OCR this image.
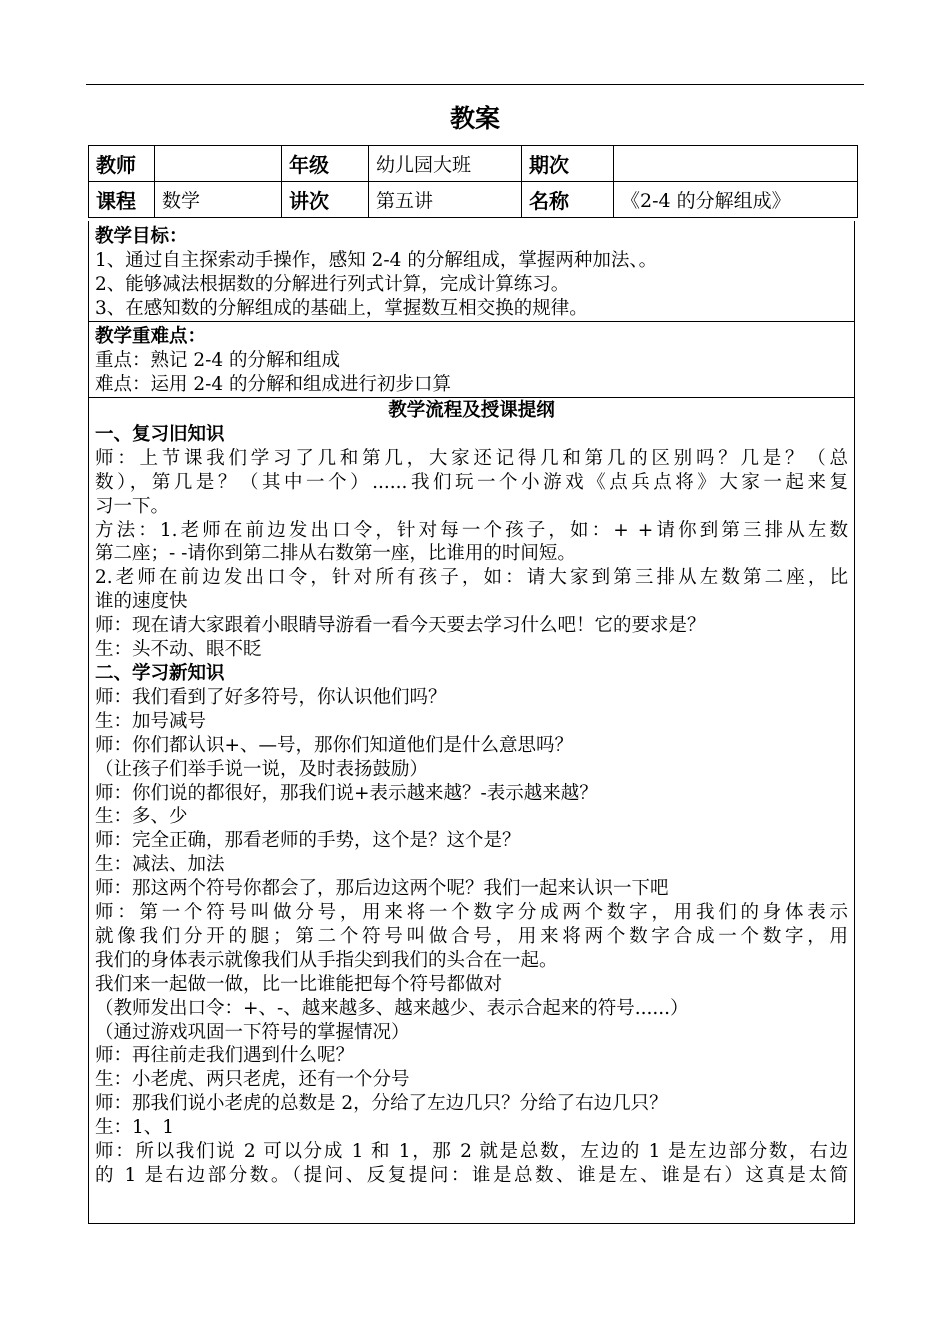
教案
教师		年级	幼儿园大班	期次	
课程	数学	讲次	第五讲	名称	《2-4 的分解组成》
教学目标：
1、通过自主探索动手操作，感知 2-4 的分解组成，掌握两种加法、。
2、能够减法根据数的分解进行列式计算，完成计算练习。
3、在感知数的分解组成的基础上，掌握数互相交换的规律。
教学重难点：
重点：熟记 2-4 的分解和组成
难点：运用 2-4 的分解和组成进行初步口算
教学流程及授课提纲
一、复习旧知识
师：上节课我们学习了几和第几，大家还记得几和第几的区别吗？几是？（总
数），第几是？（其中一个）......我们玩一个小游戏《点兵点将》大家一起来复
习一下。
方法：1.老师在前边发出口令，针对每一个孩子，如：+ +请你到第三排从左数
第二座；- -请你到第二排从右数第一座，比谁用的时间短。
2.老师在前边发出口令，针对所有孩子，如：请大家到第三排从左数第二座，比
谁的速度快
师：现在请大家跟着小眼睛导游看一看今天要去学习什么吧！它的要求是？
生：头不动、眼不眨
二、学习新知识
师：我们看到了好多符号，你认识他们吗？
生：加号减号
师：你们都认识+、—号，那你们知道他们是什么意思吗？
（让孩子们举手说一说，及时表扬鼓励）
师：你们说的都很好，那我们说+表示越来越？-表示越来越？
生：多、少
师：完全正确，那看老师的手势，这个是？这个是？
生：减法、加法
师：那这两个符号你都会了，那后边这两个呢？我们一起来认识一下吧
师：第一个符号叫做分号，用来将一个数字分成两个数字，用我们的身体表示
就像我们分开的腿；第二个符号叫做合号，用来将两个数字合成一个数字，用
我们的身体表示就像我们从手指尖到我们的头合在一起。
我们来一起做一做，比一比谁能把每个符号都做对
（教师发出口令：+、-、越来越多、越来越少、表示合起来的符号......）
（通过游戏巩固一下符号的掌握情况）
师：再往前走我们遇到什么呢？
生：小老虎、两只老虎，还有一个分号
师：那我们说小老虎的总数是 2，分给了左边几只？分给了右边几只？
生：1、1
师：所以我们说 2 可以分成 1 和 1，那 2 就是总数，左边的 1 是左边部分数，右边
的 1 是右边部分数。（提问、反复提问：谁是总数、谁是左、谁是右）这真是太简
